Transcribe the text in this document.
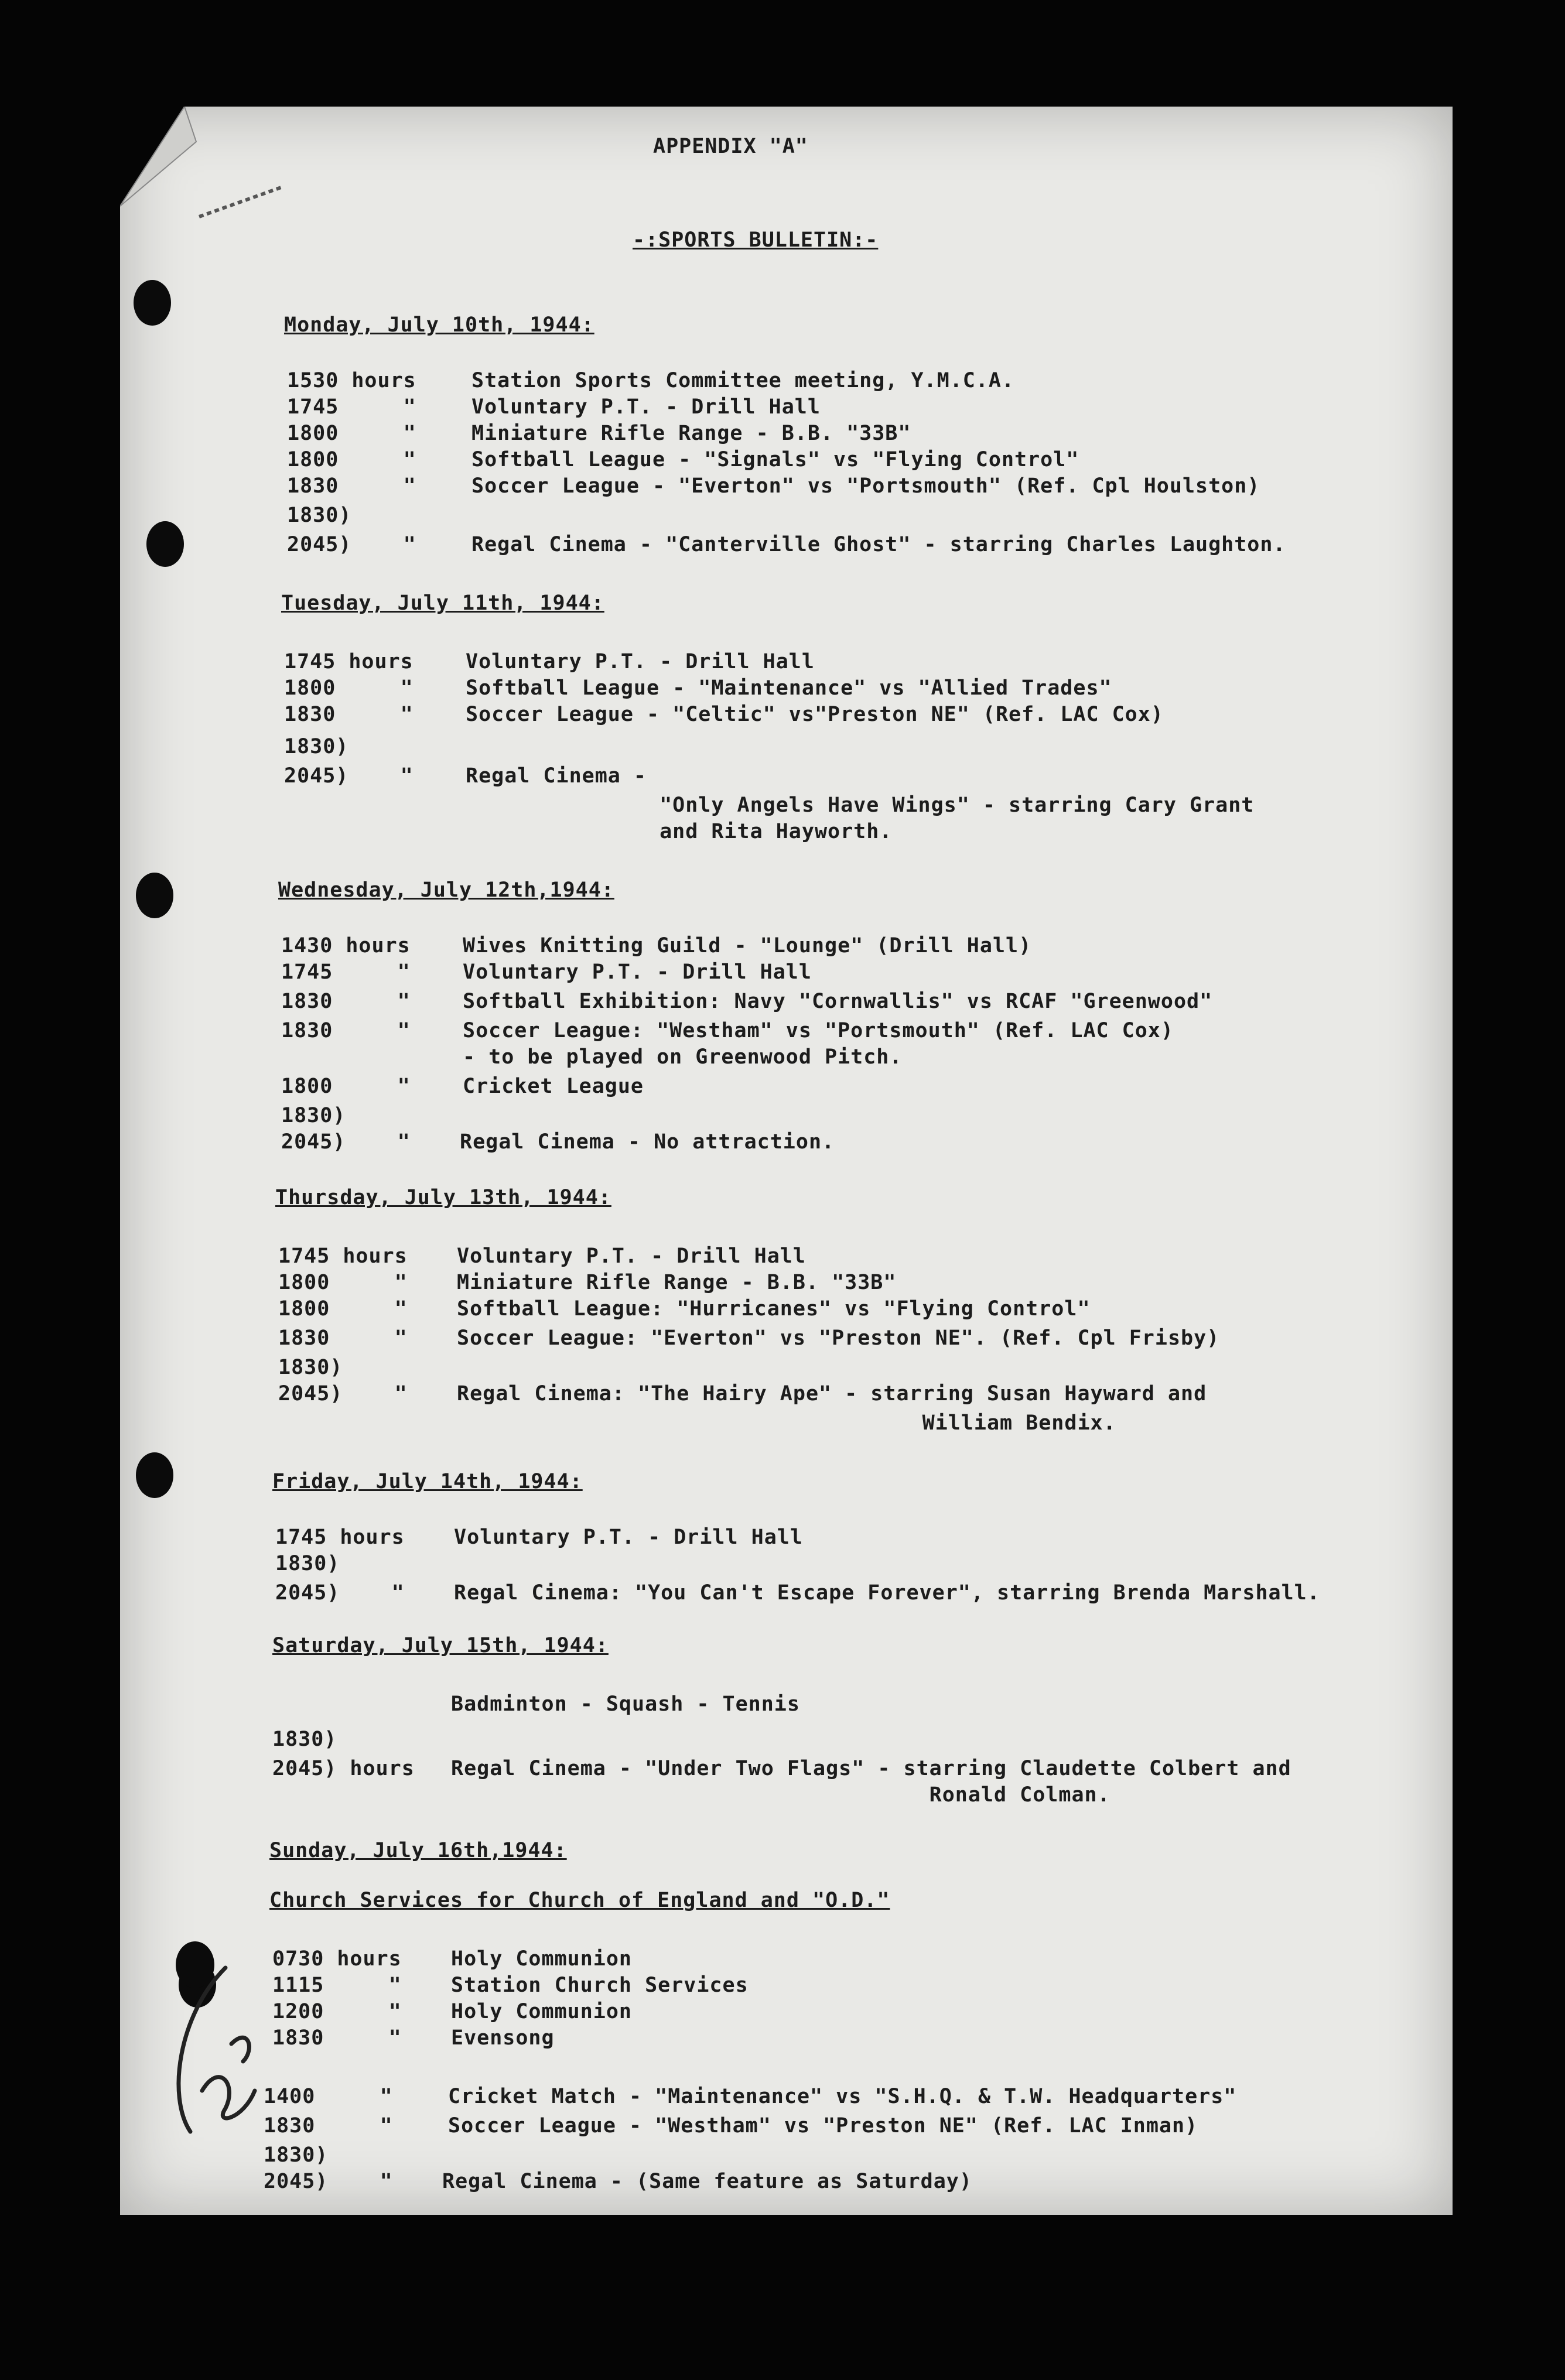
APPENDIX "A"
-:SPORTS BULLETIN:-
Monday, July 10th, 1944:
1530 hours	Station Sports Committee meeting, Y.M.C.A.
1745     "	Voluntary P.T. - Drill Hall
1800     "	Miniature Rifle Range - B.B. "33B"
1800     "	Softball League - "Signals" vs "Flying Control"
1830     "	Soccer League - "Everton" vs "Portsmouth" (Ref. Cpl Houlston)
1830)
2045)    "	Regal Cinema - "Canterville Ghost" - starring Charles Laughton.
Tuesday, July 11th, 1944:
1745 hours	Voluntary P.T. - Drill Hall
1800     "	Softball League - "Maintenance" vs "Allied Trades"
1830     "	Soccer League - "Celtic" vs"Preston NE" (Ref. LAC Cox)
1830)
2045)    "	Regal Cinema -
"Only Angels Have Wings" - starring Cary Grant
and Rita Hayworth.
Wednesday, July 12th,1944:
1430 hours	Wives Knitting Guild - "Lounge" (Drill Hall)
1745     "	Voluntary P.T. - Drill Hall
1830     "	Softball Exhibition: Navy "Cornwallis" vs RCAF "Greenwood"
1830     "	Soccer League: "Westham" vs "Portsmouth" (Ref. LAC Cox)
- to be played on Greenwood Pitch.
1800     "	Cricket League
1830)
2045)    " Regal Cinema - No attraction.
Thursday, July 13th, 1944:
1745 hours Voluntary P.T. - Drill Hall
1800     " Miniature Rifle Range - B.B. "33B"
1800     " Softball League: "Hurricanes" vs "Flying Control"
1830     " Soccer League: "Everton" vs "Preston NE". (Ref. Cpl Frisby)
1830)
2045)    " Regal Cinema: "The Hairy Ape" - starring Susan Hayward and
William Bendix.
Friday, July 14th, 1944:
1745 hours Voluntary P.T. - Drill Hall
1830)
2045)    " Regal Cinema: "You Can't Escape Forever", starring Brenda Marshall.
Saturday, July 15th, 1944:
Badminton - Squash - Tennis
1830)
2045) hours Regal Cinema - "Under Two Flags" - starring Claudette Colbert and
Ronald Colman.
Sunday, July 16th,1944:
Church Services for Church of England and "O.D."
0730 hours Holy Communion
1115     " Station Church Services
1200     " Holy Communion
1830     " Evensong
1400     "	Cricket Match - "Maintenance" vs "S.H.Q. & T.W. Headquarters"
1830     "	Soccer League - "Westham" vs "Preston NE" (Ref. LAC Inman)
1830)
2045)    " Regal Cinema - (Same feature as Saturday)
